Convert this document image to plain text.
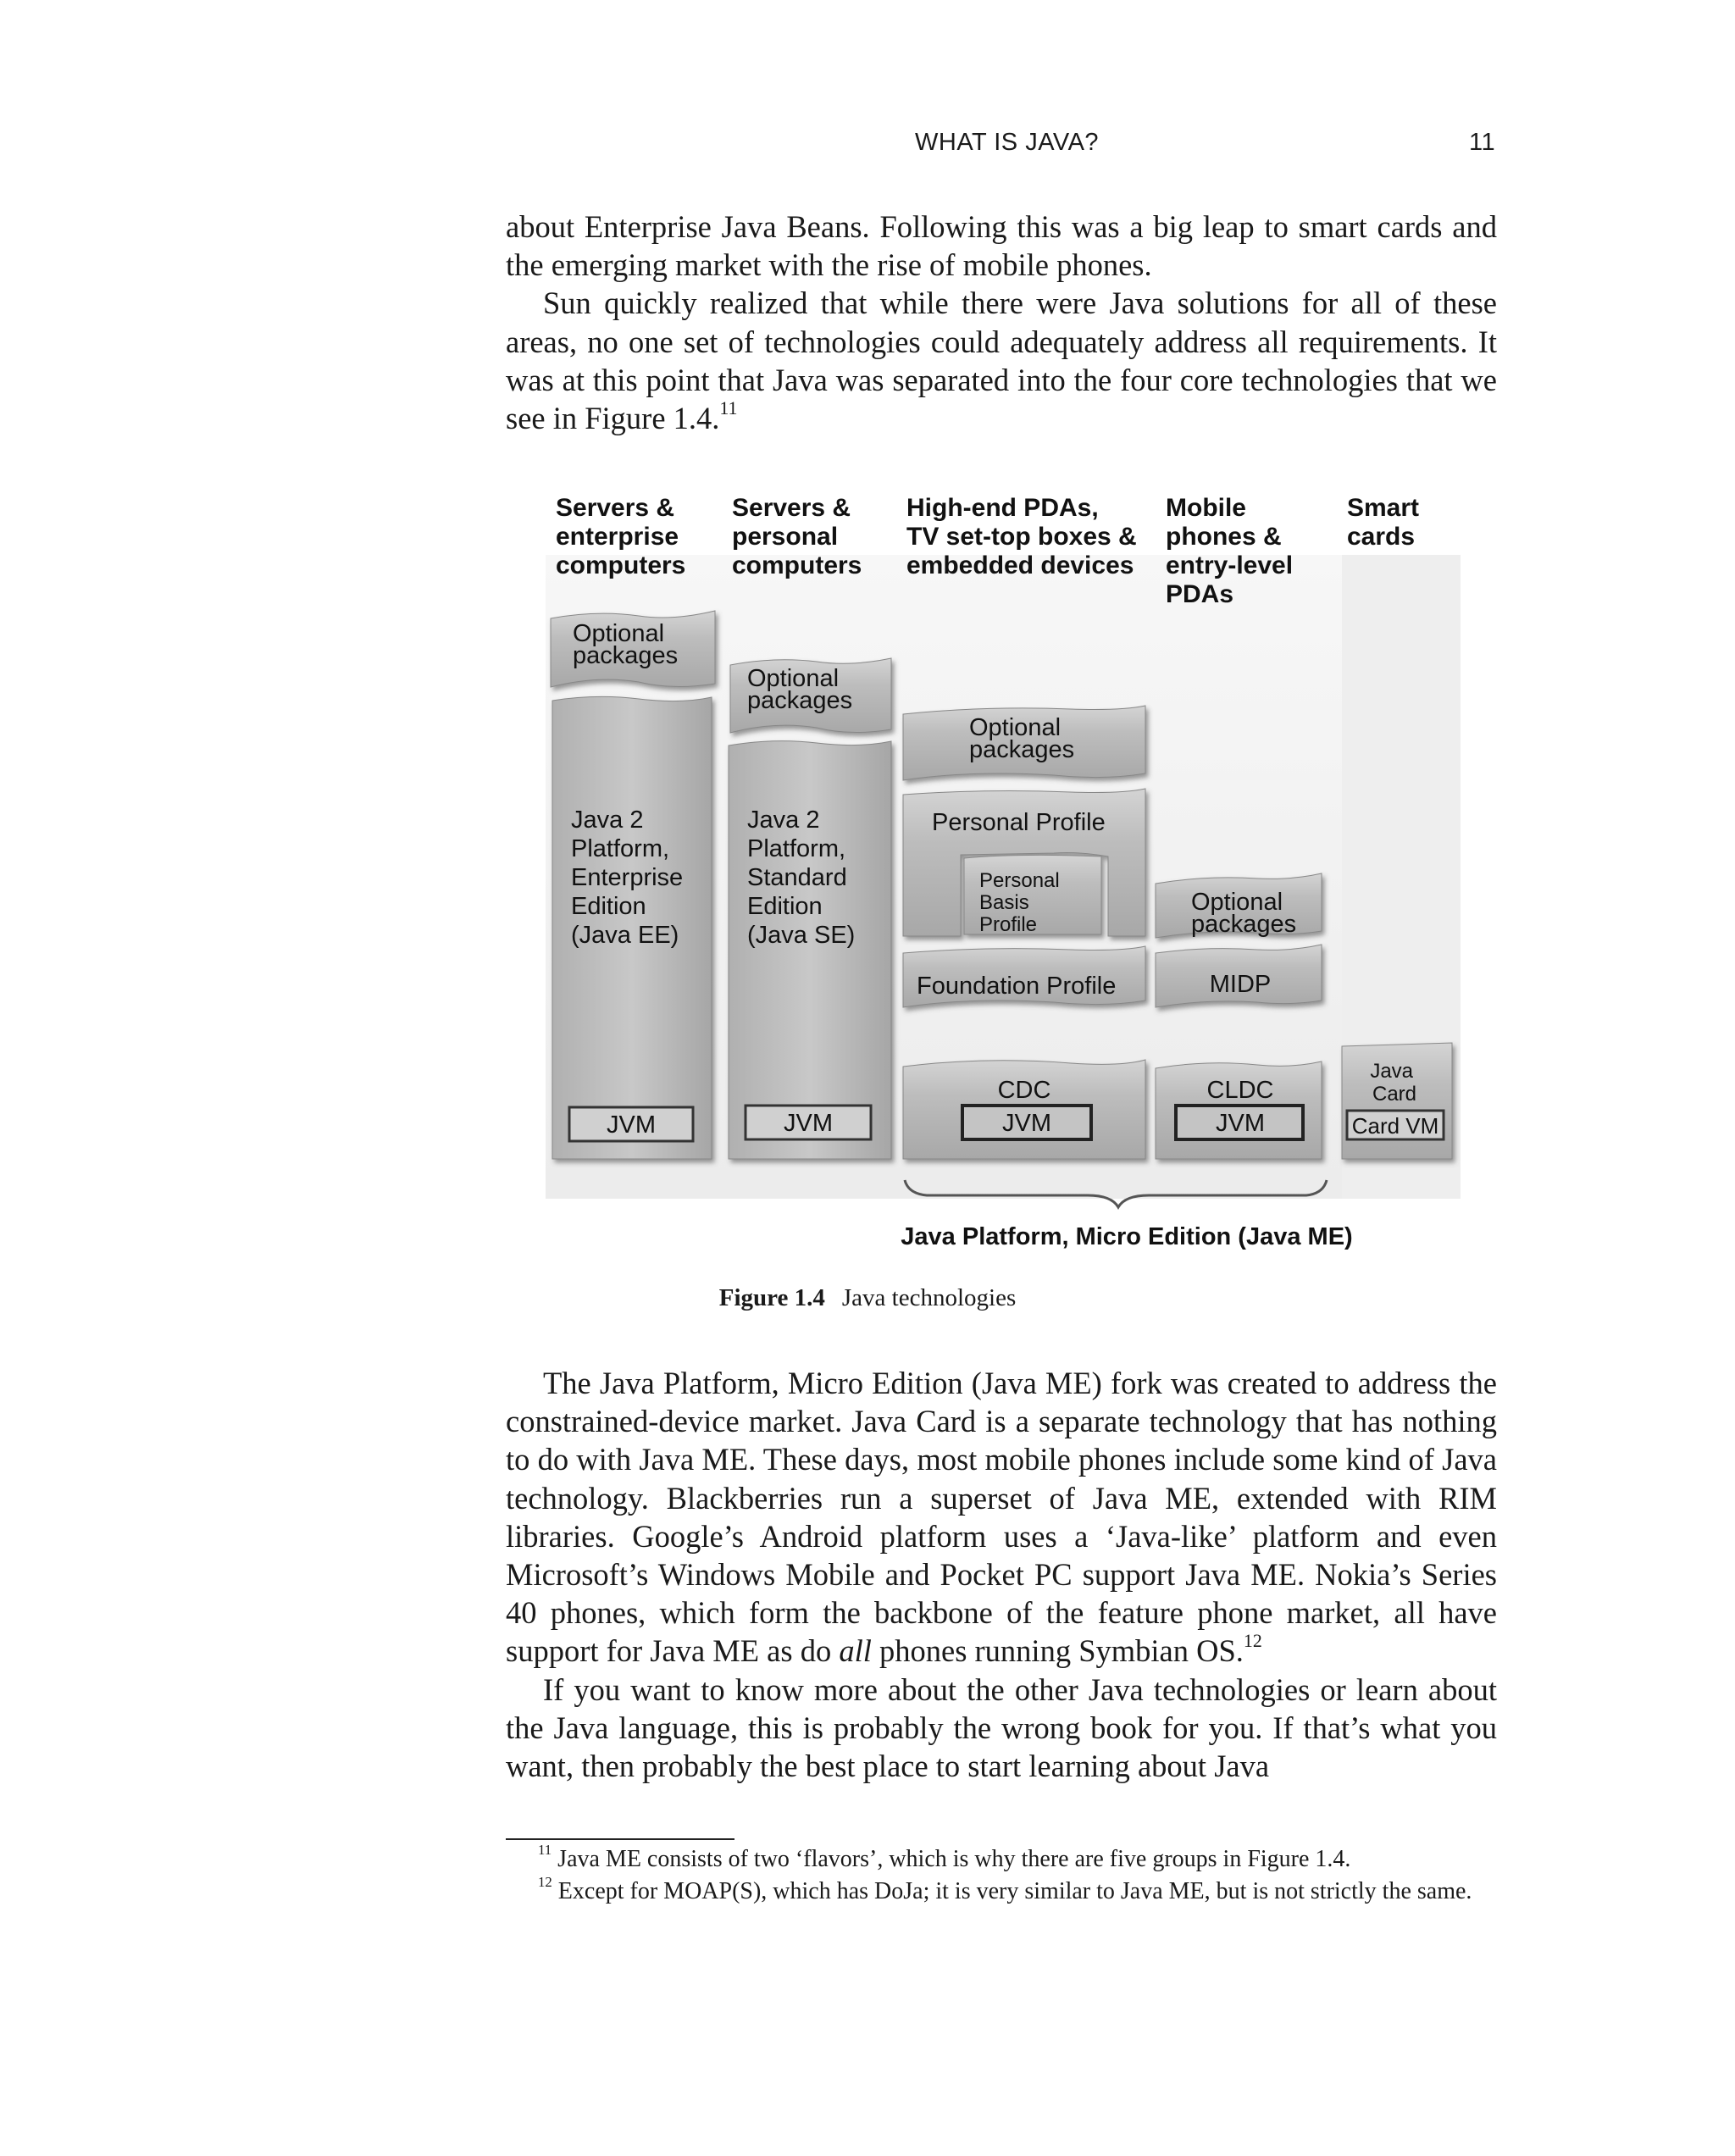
WHAT IS JAVA?	11

about Enterprise Java Beans. Following this was a big leap to smart cards and the emerging market with the rise of mobile phones.

Sun quickly realized that while there were Java solutions for all of these areas, no one set of technologies could adequately address all requirements. It was at this point that Java was separated into the four core technologies that we see in Figure 1.4.11

Servers & enterprise computers
Servers & personal computers
High-end PDAs, TV set-top boxes & embedded devices
Mobile phones & entry-level PDAs
Smart cards
Optional packages
Java 2 Platform, Enterprise Edition (Java EE)
JVM
Optional packages
Java 2 Platform, Standard Edition (Java SE)
JVM
Optional packages
Personal Profile
Personal Basis Profile
Foundation Profile
CDC
JVM
Optional packages
MIDP
CLDC
JVM
Java Card
Card VM
Java Platform, Micro Edition (Java ME)
Figure 1.4 Java technologies

The Java Platform, Micro Edition (Java ME) fork was created to address the constrained-device market. Java Card is a separate technology that has nothing to do with Java ME. These days, most mobile phones include some kind of Java technology. Blackberries run a superset of Java ME, extended with RIM libraries. Google’s Android platform uses a ‘Java-like’ platform and even Microsoft’s Windows Mobile and Pocket PC support Java ME. Nokia’s Series 40 phones, which form the backbone of the feature phone market, all have support for Java ME as do all phones running Symbian OS.$^{12}$

If you want to know more about the other Java technologies or learn about the Java language, this is probably the wrong book for you. If that’s what you want, then probably the best place to start learning about Java

$^{11}$ Java ME consists of two ‘flavors’, which is why there are five groups in Figure 1.4.

$^{12}$ Except for MOAP(S), which has DoJa; it is very similar to Java ME, but is not strictly the same.
